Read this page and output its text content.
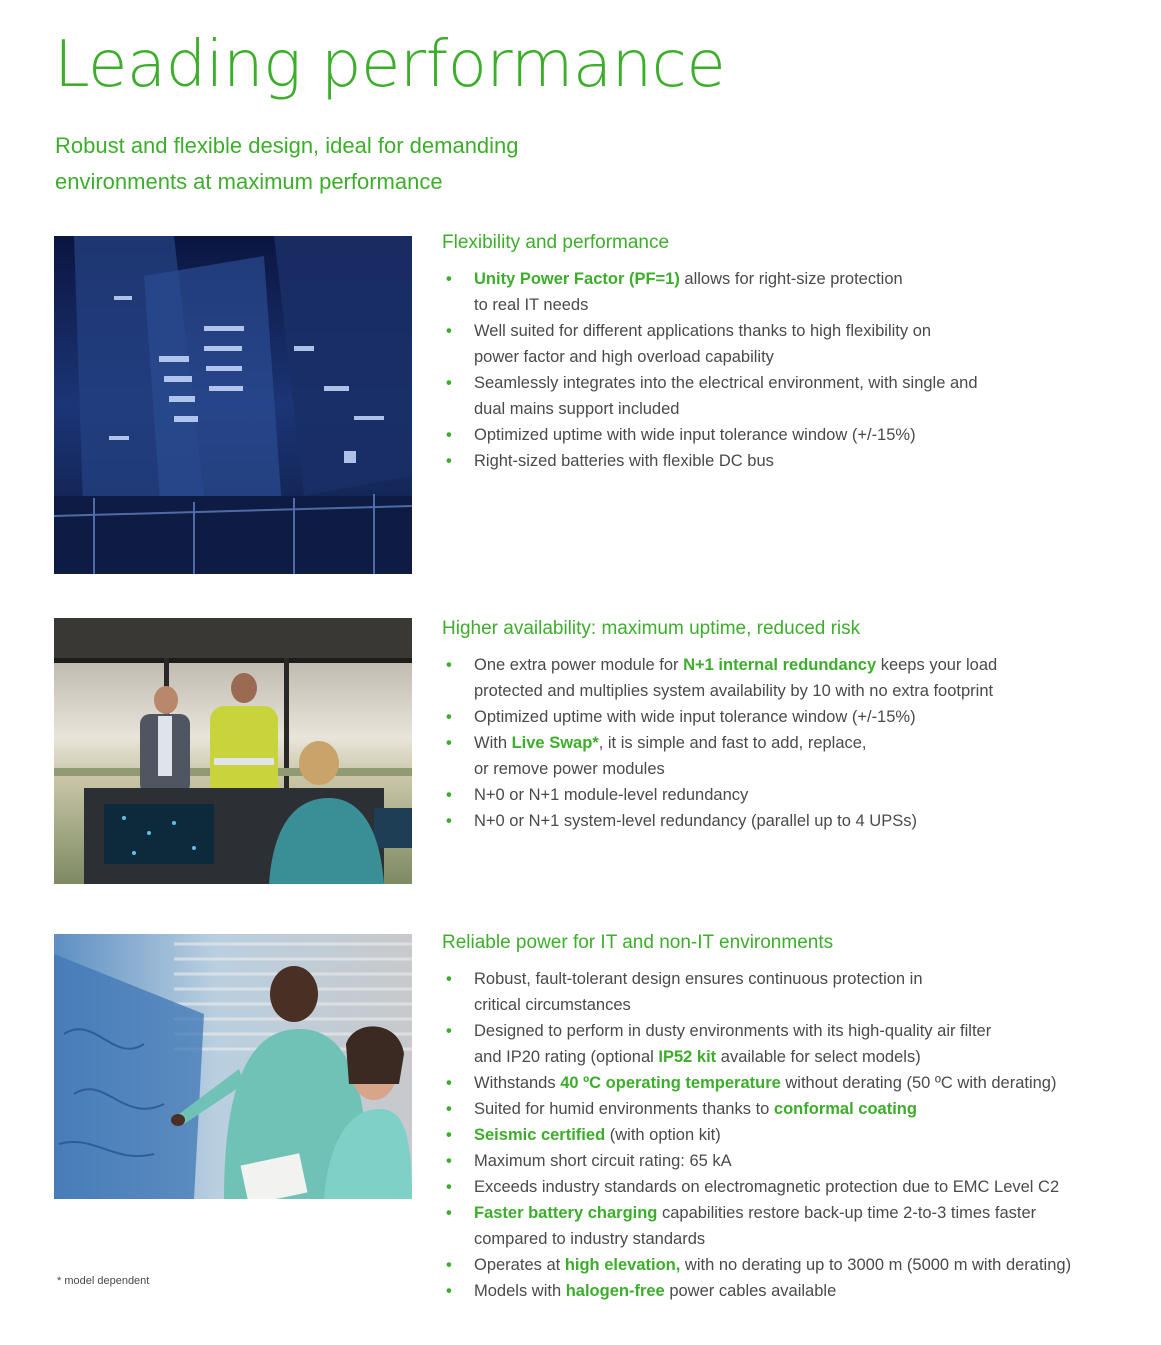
Leading performance

Robust and flexible design, ideal for demanding
environments at maximum performance

Flexibility and performance
• Unity Power Factor (PF=1) allows for right-size protection
to real IT needs
• Well suited for different applications thanks to high flexibility on
power factor and high overload capability
• Seamlessly integrates into the electrical environment, with single and
dual mains support included
• Optimized uptime with wide input tolerance window (+/-15%)
• Right-sized batteries with flexible DC bus
Higher availability: maximum uptime, reduced risk
• One extra power module for N+1 internal redundancy keeps your load
protected and multiplies system availability by 10 with no extra footprint
• Optimized uptime with wide input tolerance window (+/-15%)
• With Live Swap*, it is simple and fast to add, replace,
or remove power modules
• N+0 or N+1 module-level redundancy
• N+0 or N+1 system-level redundancy (parallel up to 4 UPSs)
Reliable power for IT and non-IT environments
• Robust, fault-tolerant design ensures continuous protection in
critical circumstances
• Designed to perform in dusty environments with its high-quality air filter
and IP20 rating (optional IP52 kit available for select models)
• Withstands 40 ºC operating temperature without derating (50 ºC with derating)
• Suited for humid environments thanks to conformal coating
• Seismic certified (with option kit)
• Maximum short circuit rating: 65 kA
• Exceeds industry standards on electromagnetic protection due to EMC Level C2
• Faster battery charging capabilities restore back-up time 2-to-3 times faster
compared to industry standards
• Operates at high elevation, with no derating up to 3000 m (5000 m with derating)
• Models with halogen-free power cables available
* model dependent
